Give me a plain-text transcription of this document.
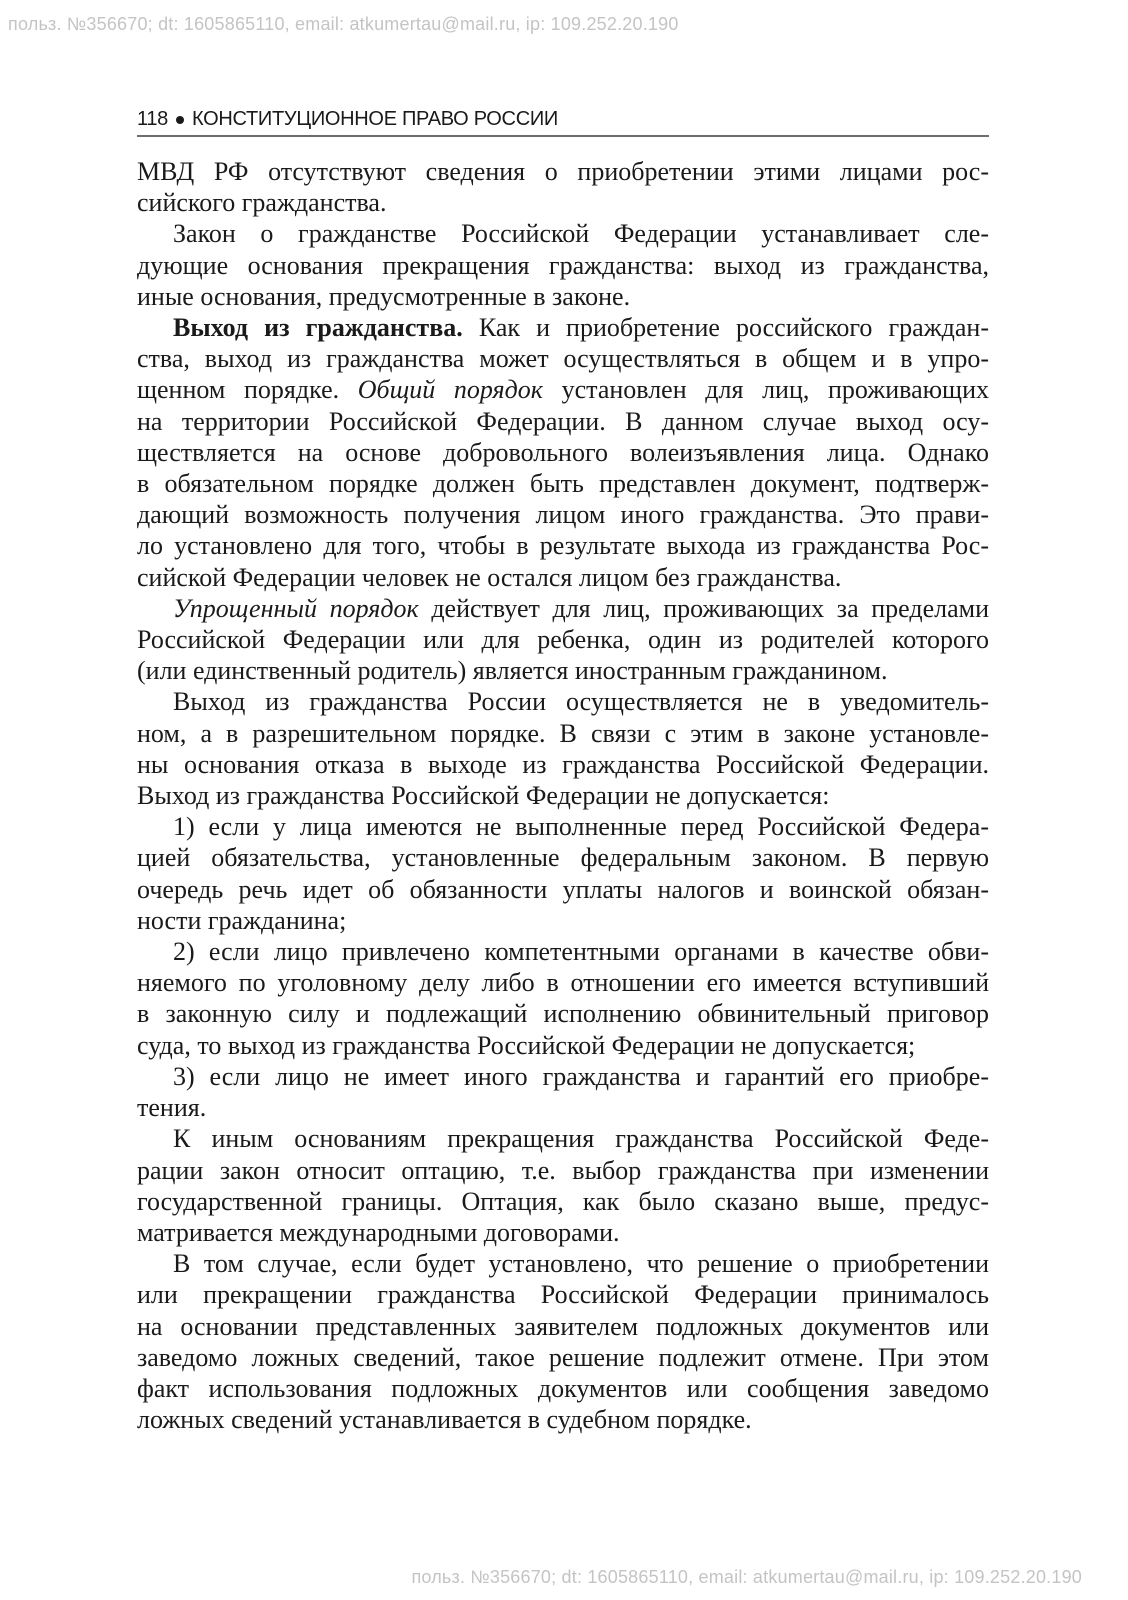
польз. №356670; dt: 1605865110, email: atkumertau@mail.ru, ip: 109.252.20.190
118 КОНСТИТУЦИОННОЕ ПРАВО РОССИИ

МВД РФ отсутствуют сведения о приобретении этими лицами рос-

сийского гражданства.

Закон о гражданстве Российской Федерации устанавливает сле-

дующие основания прекращения гражданства: выход из гражданства,

иные основания, предусмотренные в законе.

Выход из гражданства. Как и приобретение российского граждан-

ства, выход из гражданства может осуществляться в общем и в упро-

щенном порядке. Общий порядок установлен для лиц, проживающих

на территории Российской Федерации. В данном случае выход осу-

ществляется на основе добровольного волеизъявления лица. Однако

в обязательном порядке должен быть представлен документ, подтверж-

дающий возможность получения лицом иного гражданства. Это прави-

ло установлено для того, чтобы в результате выхода из гражданства Рос-

сийской Федерации человек не остался лицом без гражданства.

Упрощенный порядок действует для лиц, проживающих за пределами

Российской Федерации или для ребенка, один из родителей которого

(или единственный родитель) является иностранным гражданином.

Выход из гражданства России осуществляется не в уведомитель-

ном, а в разрешительном порядке. В связи с этим в законе установле-

ны основания отказа в выходе из гражданства Российской Федерации.

Выход из гражданства Российской Федерации не допускается:

1) если у лица имеются не выполненные перед Российской Федера-

цией обязательства, установленные федеральным законом. В первую

очередь речь идет об обязанности уплаты налогов и воинской обязан-

ности гражданина;

2) если лицо привлечено компетентными органами в качестве обви-

няемого по уголовному делу либо в отношении его имеется вступивший

в законную силу и подлежащий исполнению обвинительный приговор

суда, то выход из гражданства Российской Федерации не допускается;

3) если лицо не имеет иного гражданства и гарантий его приобре-

тения.

К иным основаниям прекращения гражданства Российской Феде-

рации закон относит оптацию, т.е. выбор гражданства при изменении

государственной границы. Оптация, как было сказано выше, предус-

матривается международными договорами.

В том случае, если будет установлено, что решение о приобретении

или прекращении гражданства Российской Федерации принималось

на основании представленных заявителем подложных документов или

заведомо ложных сведений, такое решение подлежит отмене. При этом

факт использования подложных документов или сообщения заведомо

ложных сведений устанавливается в судебном порядке.

польз. №356670; dt: 1605865110, email: atkumertau@mail.ru, ip: 109.252.20.190
